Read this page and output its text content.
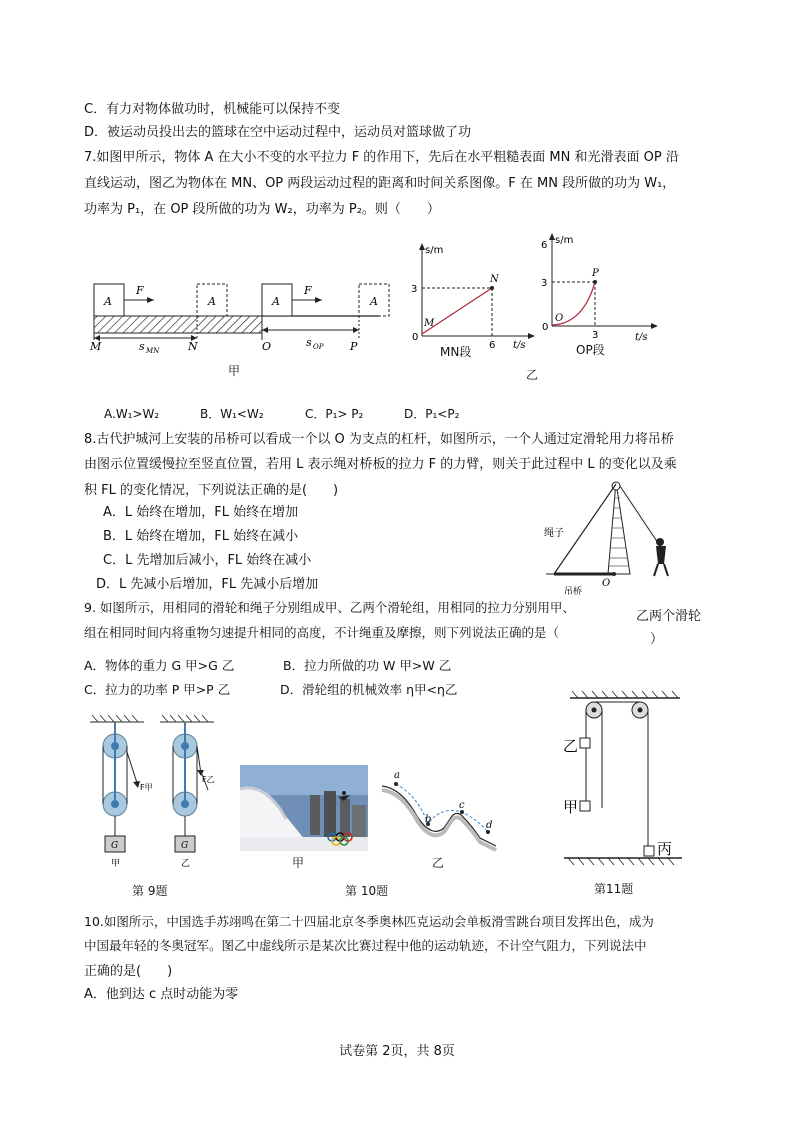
C．有力对物体做功时，机械能可以保持不变
D．被运动员投出去的篮球在空中运动过程中，运动员对篮球做了功
7.如图甲所示，物体 A 在大小不变的水平拉力 F 的作用下，先后在水平粗糙表面 MN 和光滑表面 OP 沿
直线运动，图乙为物体在 MN、OP 两段运动过程的距离和时间关系图像。F 在 MN 段所做的功为 W₁，
功率为 P₁，在 OP 段所做的功为 W₂，功率为 P₂。则（　　）
A
F
A	A
F
A
M	s MN	N	O	s OP P
甲
s/m
t/s
3
6
0
M
N
MN段
s/m
t/s
6
3
3
0
O
P
OP段
乙
A.W₁>W₂	B．W₁<W₂	C．P₁> P₂	D．P₁<P₂
8.古代护城河上安装的吊桥可以看成一个以 O 为支点的杠杆，如图所示，一个人通过定滑轮用力将吊桥
由图示位置缓慢拉至竖直位置，若用 L 表示绳对桥板的拉力 F 的力臂，则关于此过程中 L 的变化以及乘
积 FL 的变化情况，下列说法正确的是(　　)
A．L 始终在增加，FL 始终在增加
B．L 始终在增加，FL 始终在减小
C．L 先增加后减小，FL 始终在减小
D．L 先减小后增加，FL 先减小后增加
绳子
吊桥
O
9. 如图所示，用相同的滑轮和绳子分别组成甲、乙两个滑轮组，用相同的拉力分别用甲、
乙两个滑轮
组在相同时间内将重物匀速提升相同的高度，不计绳重及摩擦，则下列说法正确的是（	）
A．物体的重力 G 甲>G 乙	B．拉力所做的功 W 甲>W 乙
C．拉力的功率 P 甲>P 乙	D．滑轮组的机械效率 η甲<η乙
F甲
G
甲
F乙
G
乙
第 9题
甲
a
b
c
d
乙
第 10题
乙
甲
丙
第11题
10.如图所示，中国选手苏翊鸣在第二十四届北京冬季奥林匹克运动会单板滑雪跳台项目发挥出色，成为
中国最年轻的冬奥冠军。图乙中虚线所示是某次比赛过程中他的运动轨迹，不计空气阻力，下列说法中
正确的是(　　)
A．他到达 c 点时动能为零
试卷第 2页，共 8页
